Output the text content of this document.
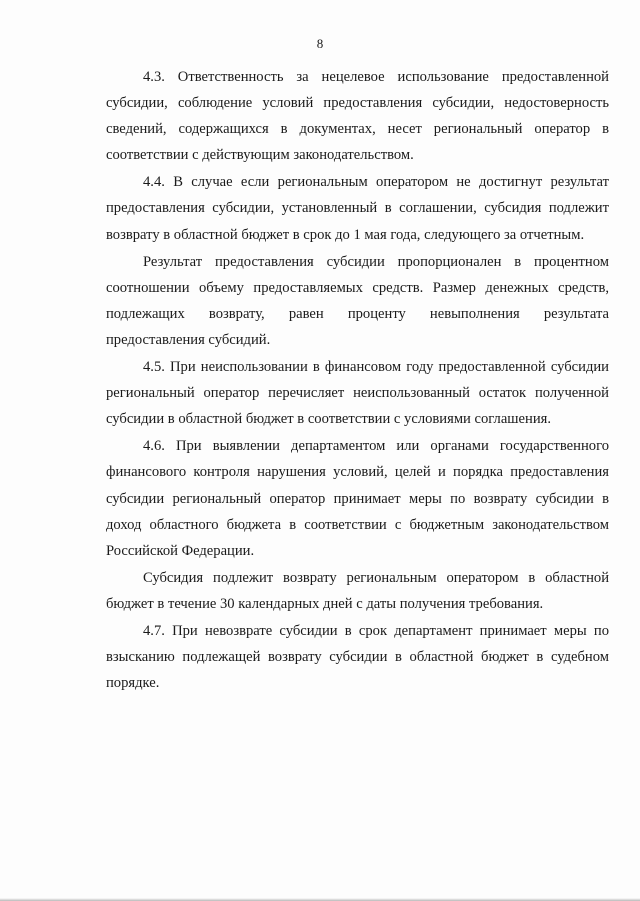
8

4.3. Ответственность за нецелевое использование предоставленной субсидии, соблюдение условий предоставления субсидии, недостоверность сведений, содержащихся в документах, несет региональный оператор в соответствии с действующим законодательством.

4.4. В случае если региональным оператором не достигнут результат предоставления субсидии, установленный в соглашении, субсидия подлежит возврату в областной бюджет в срок до 1 мая года, следующего за отчетным.

Результат предоставления субсидии пропорционален в процентном соотношении объему предоставляемых средств. Размер денежных средств, подлежащих возврату, равен проценту невыполнения результата предоставления субсидий.

4.5. При неиспользовании в финансовом году предоставленной субсидии региональный оператор перечисляет неиспользованный остаток полученной субсидии в областной бюджет в соответствии с условиями соглашения.

4.6. При выявлении департаментом или органами государственного финансового контроля нарушения условий, целей и порядка предоставления субсидии региональный оператор принимает меры по возврату субсидии в доход областного бюджета в соответствии с бюджетным законодательством Российской Федерации.

Субсидия подлежит возврату региональным оператором в областной бюджет в течение 30 календарных дней с даты получения требования.

4.7. При невозврате субсидии в срок департамент принимает меры по взысканию подлежащей возврату субсидии в областной бюджет в судебном порядке.
